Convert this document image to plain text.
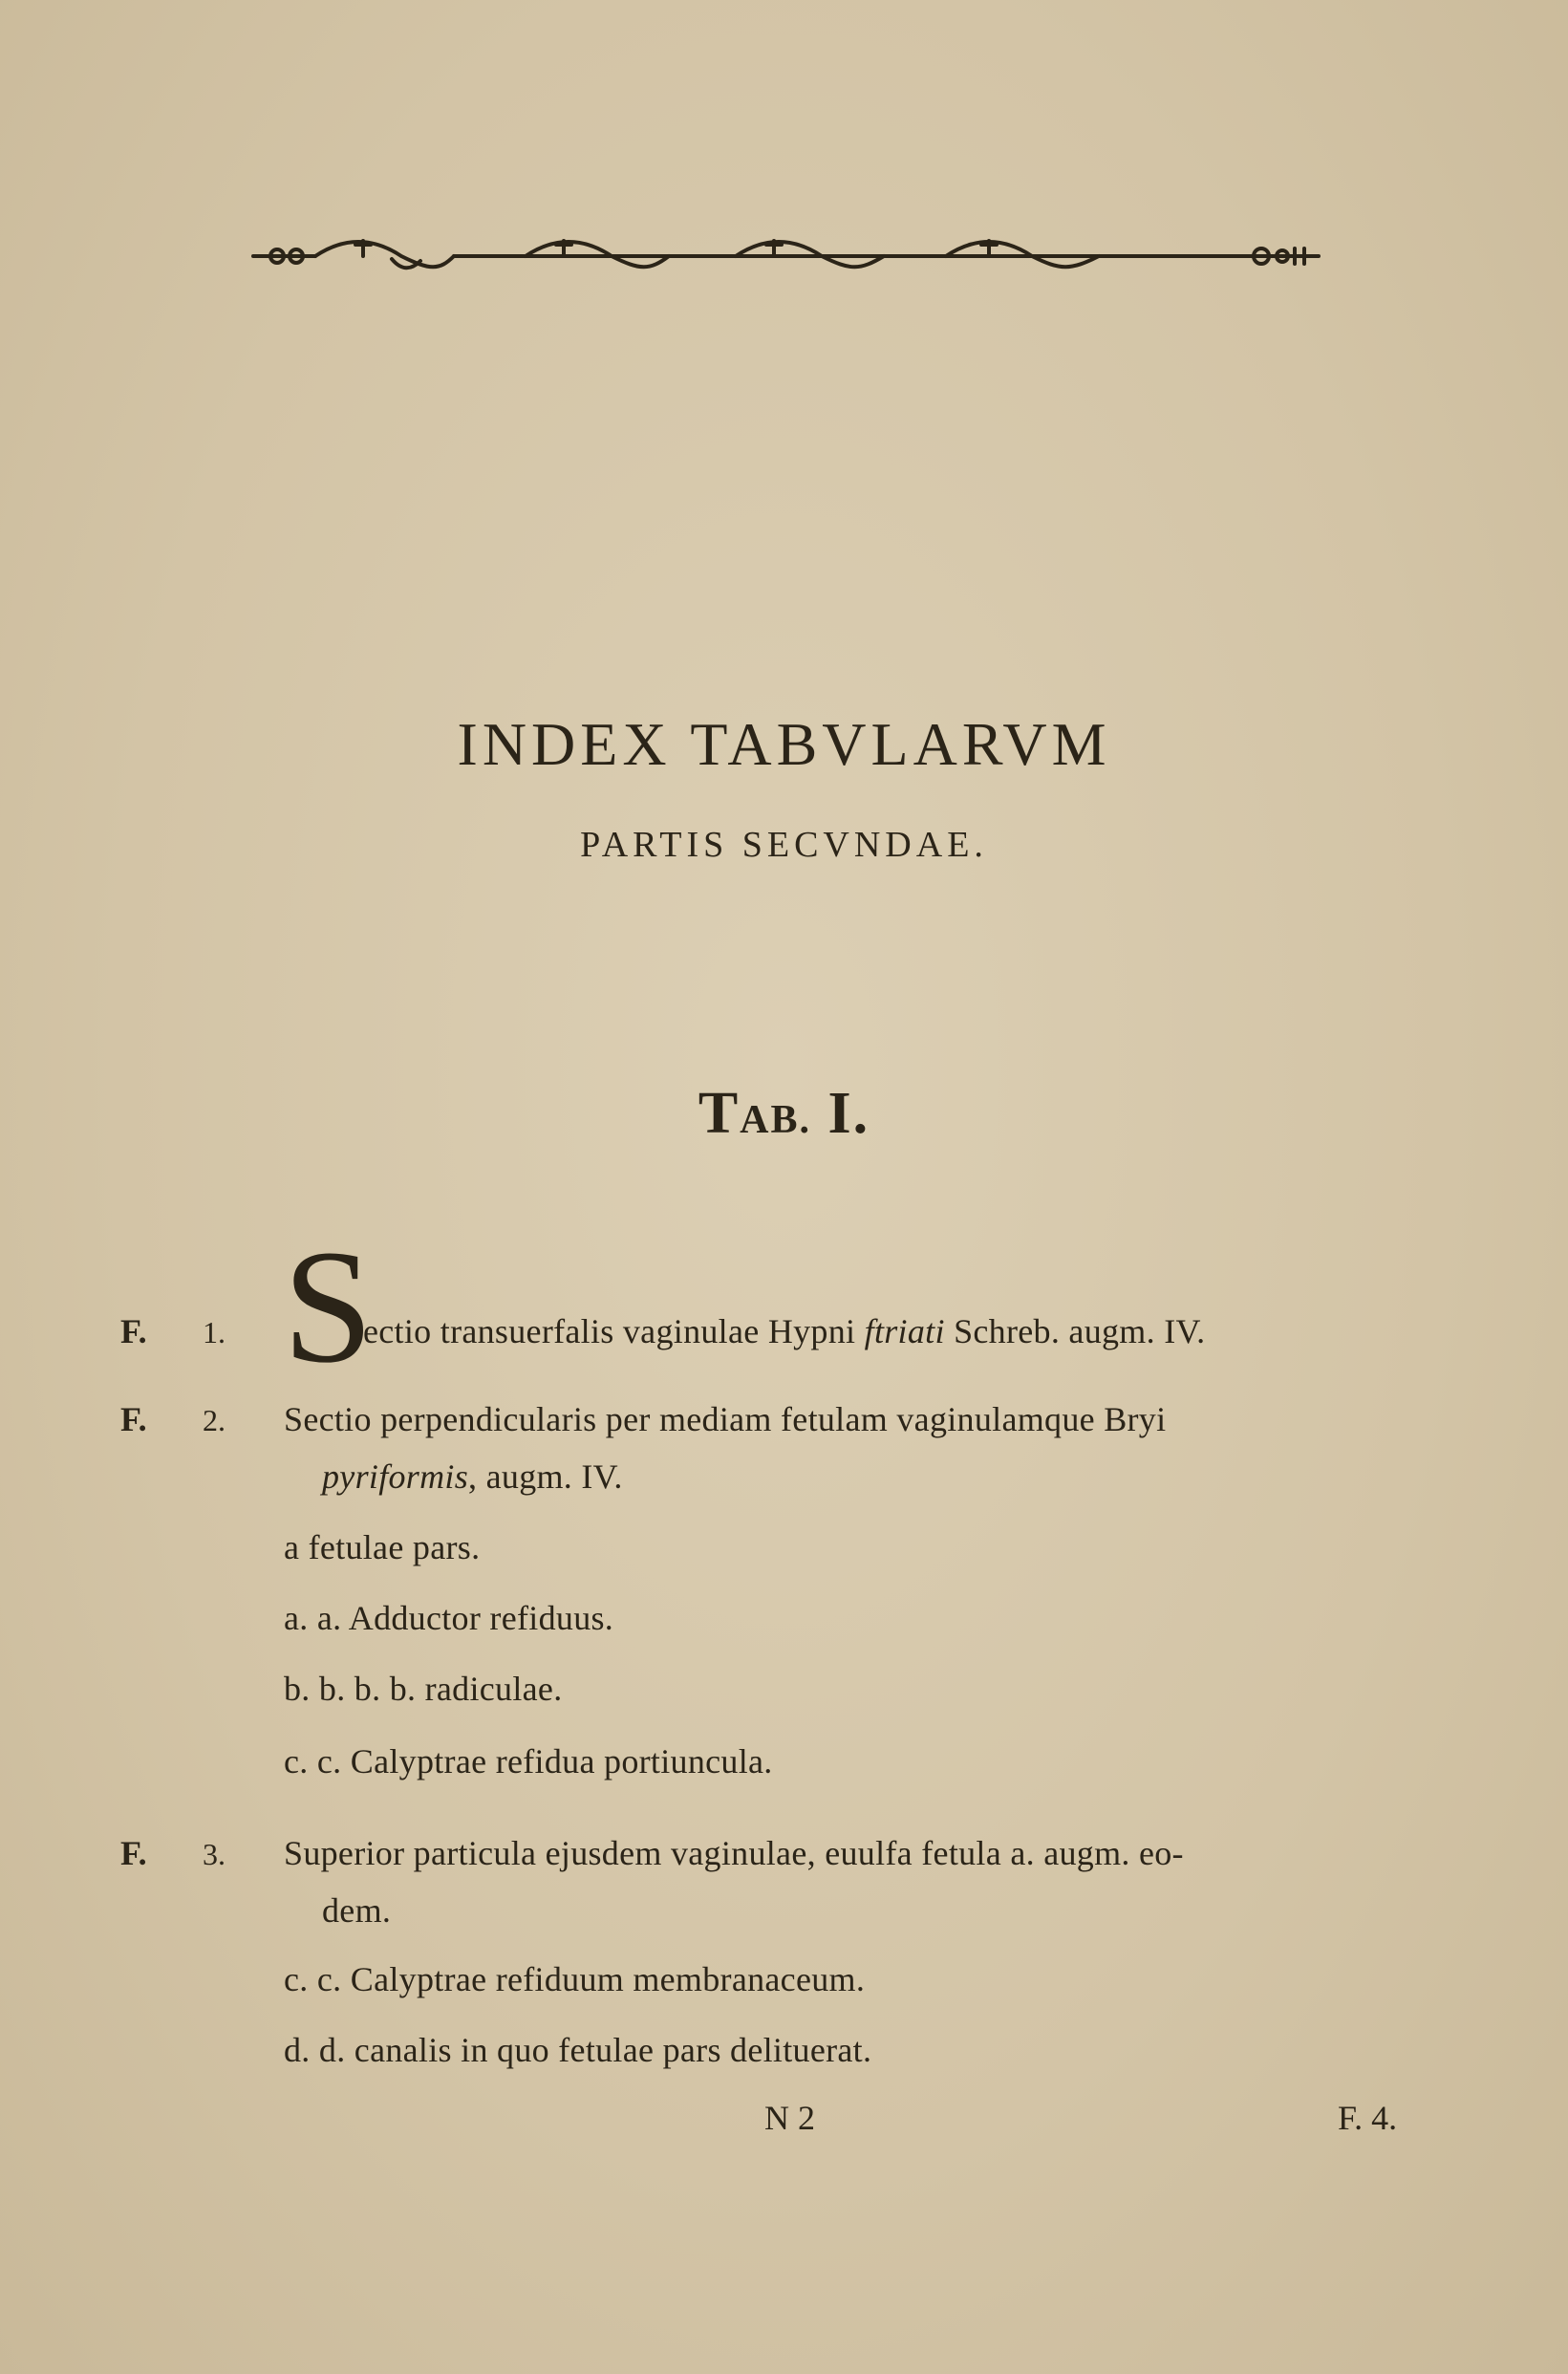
INDEX TABVLARVM
PARTIS SECVNDAE.
TAB. I.
F. 1. S
ectio transuerfalis vaginulae Hypni ftriati Schreb. augm. IV.
F. 2. Sectio perpendicularis per mediam fetulam vaginulamque Bryi
pyriformis, augm. IV.
a fetulae pars.
a. a. Adductor refiduus.
b. b. b. b. radiculae.
c. c. Calyptrae refidua portiuncula.
F. 3. Superior particula ejusdem vaginulae, euulfa fetula a. augm. eo-
dem.
c. c. Calyptrae refiduum membranaceum.
d. d. canalis in quo fetulae pars delituerat.
N 2	F. 4.
